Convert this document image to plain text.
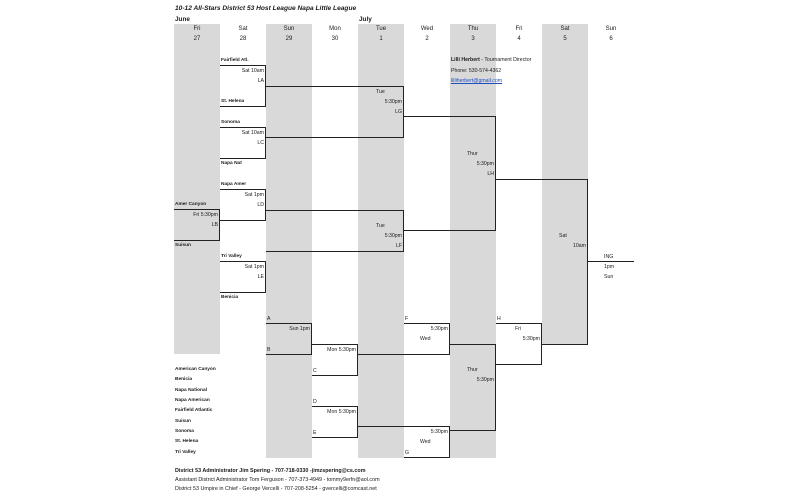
10-12 All-Stars District 53 Host League Napa Little League
June	July
Fri
27
Sat
28
Sun
29
Mon
30
Tue
1
Wed
2
Thu
3
Fri
4
Sat
5
Sun
6
Fairfield Atl.
St. Helena
Sonoma
Napa Nat
Napa Amer
Amer Canyon
Suisun
Tri Valley
Benicia
Sat 10am
LA
Sat 10am
LC
Sat 1pm
LD
Fri 5:30pm
LB
Sat 1pm
LE
Tue
5:30pm
LG
Tue
5:30pm
LF
Thur
5:30pm
LH
Sat
10am
ING
1pm
Sun
Lilli Herbert - Tournament Director
Phone: 530-574-4362
lilliherbert@gmail.com
A
Sun 1pm
B	Mon 5:30pm
C
D
Mon 5:30pm
E
F
5:30pm
Wed
5:30pm
Wed
G
Thur
5:30pm
H
Fri
5:30pm
American Canyon
Benicia
Napa National
Napa American
Fairfield Atlantic
Suisun
Sonoma
St. Helena
Tri Valley
District 53 Administrator Jim Spering - 707-718-0330 -jimzspering@cs.com
Assistant District Administrator Tom Ferguson - 707-373-4949 - tommy9erfn@aol.com
District 53 Umpire in Chief - George Vercelli - 707-208-5254 - gvercelli@comcast.net
